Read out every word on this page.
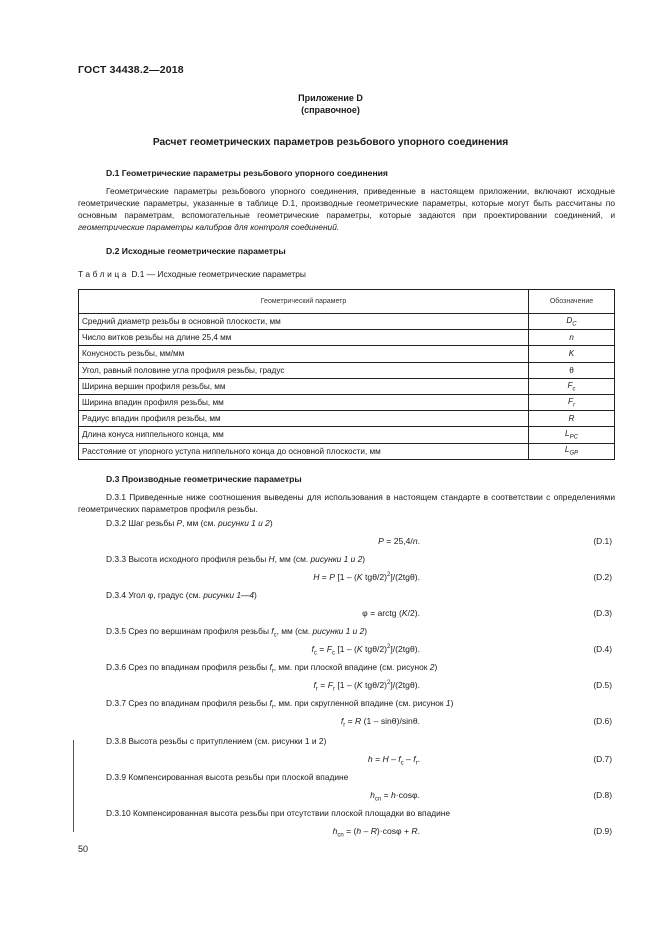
ГОСТ 34438.2—2018
Приложение D
(справочное)
Расчет геометрических параметров резьбового упорного соединения
D.1 Геометрические параметры резьбового упорного соединения

Геометрические параметры резьбового упорного соединения, приведенные в настоящем приложении, включают исходные геометрические параметры, указанные в таблице D.1, производные геометрические параметры, которые могут быть рассчитаны по основным параметрам, вспомогательные геометрические параметры, которые задаются при проектировании соединений, и геометрические параметры калибров для контроля соединений.

D.2 Исходные геометрические параметры
Таблица D.1 — Исходные геометрические параметры
Геометрический параметр	Обозначение
Средний диаметр резьбы в основной плоскости, мм	$D_C$
Число витков резьбы на длине 25,4 мм	n
Конусность резьбы, мм/мм	K
Угол, равный половине угла профиля резьбы, градус	θ
Ширина вершин профиля резьбы, мм	$F_c$
Ширина впадин профиля резьбы, мм	$F_r$
Радиус впадин профиля резьбы, мм	R
Длина конуса ниппельного конца, мм	$L_{PC}$
Расстояние от упорного уступа ниппельного конца до основной плоскости, мм	$L_{GP}$
D.3 Производные геометрические параметры

D.3.1 Приведенные ниже соотношения выведены для использования в настоящем стандарте в соответствии с определениями геометрических параметров профиля резьбы.

D.3.2 Шаг резьбы P, мм (см. рисунки 1 и 2)
P = 25,4/n.	(D.1)
D.3.3 Высота исходного профиля резьбы H, мм (см. рисунки 1 и 2)
H = P [1 – (K tgθ/2)$^2$]/(2tgθ).	(D.2)
D.3.4 Угол φ, градус (см. рисунки 1—4)
φ = arctg (K/2).	(D.3)
D.3.5 Срез по вершинам профиля резьбы $f_c$, мм (см. рисунки 1 и 2)
$f_c = F_c$ [1 – (K tgθ/2)$^2$]/(2tgθ).	(D.4)
D.3.6 Срез по впадинам профиля резьбы $f_r$, мм. при плоской впадине (см. рисунок 2)
$f_r = F_r$ [1 – (K tgθ/2)$^2$]/(2tgθ).	(D.5)
D.3.7 Срез по впадинам профиля резьбы $f_r$, мм. при скругленной впадине (см. рисунок 1)
$f_r = R$ (1 – sinθ)/sinθ.	(D.6)
D.3.8 Высота резьбы с притуплением (см. рисунки 1 и 2)
$h = H - f_c - f_r$.	(D.7)
D.3.9 Компенсированная высота резьбы при плоской впадине
$h_{cn} = h\cdot\cos\varphi$.	(D.8)
D.3.10 Компенсированная высота резьбы при отсутствии плоской площадки во впадине
$h_{cn} = (h - R)\cdot\cos\varphi + R$.	(D.9)
50
